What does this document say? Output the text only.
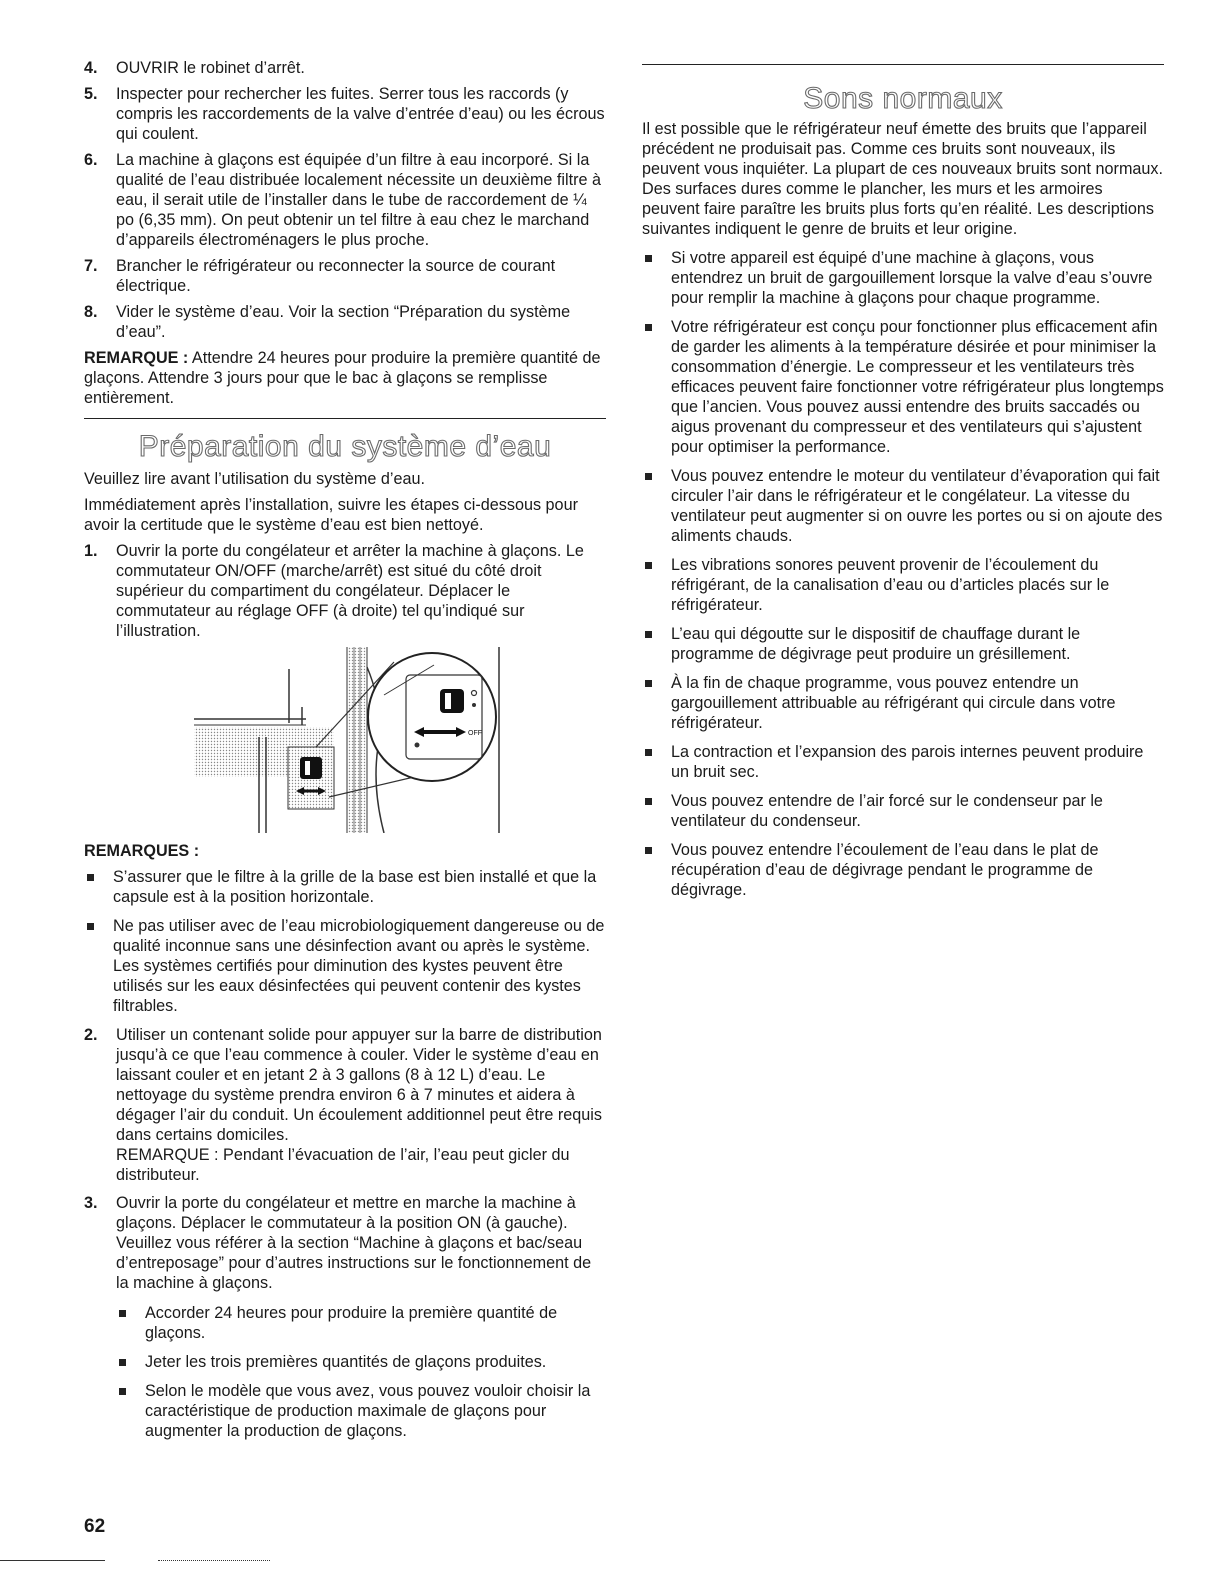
4. OUVRIR le robinet d’arrêt.

5. Inspecter pour rechercher les fuites. Serrer tous les raccords (y compris les raccordements de la valve d’entrée d’eau) ou les écrous qui coulent.

6. La machine à glaçons est équipée d’un filtre à eau incorporé. Si la qualité de l’eau distribuée localement nécessite un deuxième filtre à eau, il serait utile de l’installer dans le tube de raccordement de ¼ po (6,35 mm). On peut obtenir un tel filtre à eau chez le marchand d’appareils électroménagers le plus proche.

7. Brancher le réfrigérateur ou reconnecter la source de courant électrique.

8. Vider le système d’eau. Voir la section “Préparation du système d’eau”.

REMARQUE : Attendre 24 heures pour produire la première quantité de glaçons. Attendre 3 jours pour que le bac à glaçons se remplisse entièrement.

Préparation du système d’eau

Veuillez lire avant l’utilisation du système d’eau.

Immédiatement après l’installation, suivre les étapes ci-dessous pour avoir la certitude que le système d’eau est bien nettoyé.

1. Ouvrir la porte du congélateur et arrêter la machine à glaçons. Le commutateur ON/OFF (marche/arrêt) est situé du côté droit supérieur du compartiment du congélateur. Déplacer le commutateur au réglage OFF (à droite) tel qu’indiqué sur l’illustration.

OFF

REMARQUES :

S’assurer que le filtre à la grille de la base est bien installé et que la capsule est à la position horizontale.

Ne pas utiliser avec de l’eau microbiologiquement dangereuse ou de qualité inconnue sans une désinfection avant ou après le système. Les systèmes certifiés pour diminution des kystes peuvent être utilisés sur les eaux désinfectées qui peuvent contenir des kystes filtrables.

2. Utiliser un contenant solide pour appuyer sur la barre de distribution jusqu’à ce que l’eau commence à couler. Vider le système d’eau en laissant couler et en jetant 2 à 3 gallons (8 à 12 L) d’eau. Le nettoyage du système prendra environ 6 à 7 minutes et aidera à dégager l’air du conduit. Un écoulement additionnel peut être requis dans certains domiciles.

REMARQUE : Pendant l’évacuation de l’air, l’eau peut gicler du distributeur.

3. Ouvrir la porte du congélateur et mettre en marche la machine à glaçons. Déplacer le commutateur à la position ON (à gauche). Veuillez vous référer à la section “Machine à glaçons et bac/seau d’entreposage” pour d’autres instructions sur le fonctionnement de la machine à glaçons.

Accorder 24 heures pour produire la première quantité de glaçons.

Jeter les trois premières quantités de glaçons produites.

Selon le modèle que vous avez, vous pouvez vouloir choisir la caractéristique de production maximale de glaçons pour augmenter la production de glaçons.

Sons normaux

Il est possible que le réfrigérateur neuf émette des bruits que l’appareil précédent ne produisait pas. Comme ces bruits sont nouveaux, ils peuvent vous inquiéter. La plupart de ces nouveaux bruits sont normaux. Des surfaces dures comme le plancher, les murs et les armoires peuvent faire paraître les bruits plus forts qu’en réalité. Les descriptions suivantes indiquent le genre de bruits et leur origine.

Si votre appareil est équipé d’une machine à glaçons, vous entendrez un bruit de gargouillement lorsque la valve d’eau s’ouvre pour remplir la machine à glaçons pour chaque programme.

Votre réfrigérateur est conçu pour fonctionner plus efficacement afin de garder les aliments à la température désirée et pour minimiser la consommation d’énergie. Le compresseur et les ventilateurs très efficaces peuvent faire fonctionner votre réfrigérateur plus longtemps que l’ancien. Vous pouvez aussi entendre des bruits saccadés ou aigus provenant du compresseur et des ventilateurs qui s’ajustent pour optimiser la performance.

Vous pouvez entendre le moteur du ventilateur d’évaporation qui fait circuler l’air dans le réfrigérateur et le congélateur. La vitesse du ventilateur peut augmenter si on ouvre les portes ou si on ajoute des aliments chauds.

Les vibrations sonores peuvent provenir de l’écoulement du réfrigérant, de la canalisation d’eau ou d’articles placés sur le réfrigérateur.

L’eau qui dégoutte sur le dispositif de chauffage durant le programme de dégivrage peut produire un grésillement.

À la fin de chaque programme, vous pouvez entendre un gargouillement attribuable au réfrigérant qui circule dans votre réfrigérateur.

La contraction et l’expansion des parois internes peuvent produire un bruit sec.

Vous pouvez entendre de l’air forcé sur le condenseur par le ventilateur du condenseur.

Vous pouvez entendre l’écoulement de l’eau dans le plat de récupération d’eau de dégivrage pendant le programme de dégivrage.

62
